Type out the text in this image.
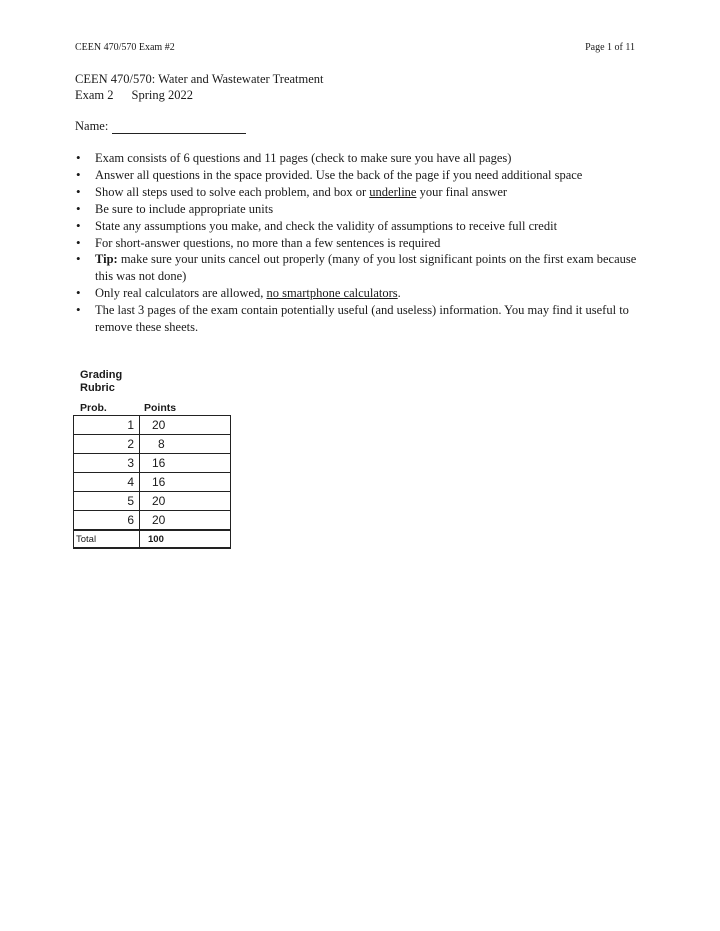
CEEN 470/570 Exam #2	Page 1 of 11
CEEN 470/570: Water and Wastewater Treatment
Exam 2 Spring 2022
Name:
• Exam consists of 6 questions and 11 pages (check to make sure you have all pages)
• Answer all questions in the space provided. Use the back of the page if you need additional space
• Show all steps used to solve each problem, and box or underline your final answer
• Be sure to include appropriate units
• State any assumptions you make, and check the validity of assumptions to receive full credit
• For short-answer questions, no more than a few sentences is required
• Tip: make sure your units cancel out properly (many of you lost significant points on the first exam because this was not done)
• Only real calculators are allowed, no smartphone calculators.
• The last 3 pages of the exam contain potentially useful (and useless) information. You may find it useful to remove these sheets.
Grading
Rubric
Prob.	Points
1	20
2	8
3	16
4	16
5	20
6	20
Total	100
